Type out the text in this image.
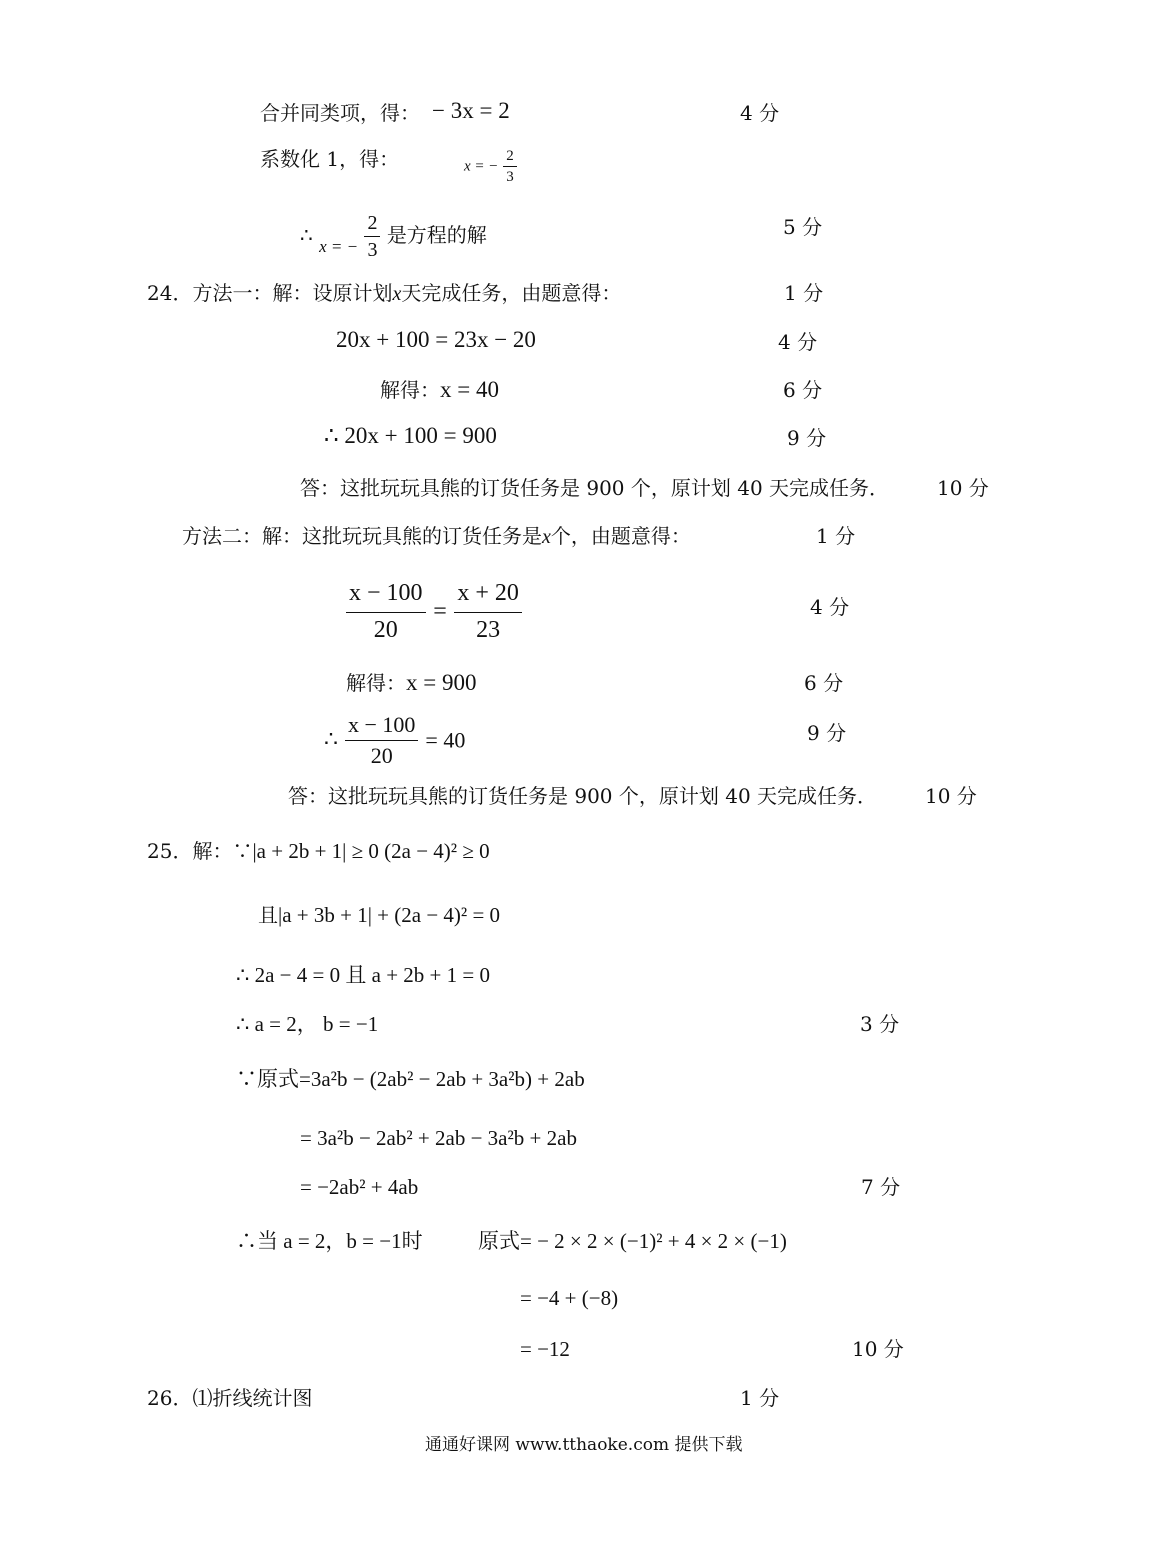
合并同类项，得： − 3x = 2	4 分
系数化 1，得：	x = − $\frac{2}{3}$
∴ $_{x = -} \frac{2}{3}$ 是方程的解	5 分
24．方法一：解：设原计划x天完成任务，由题意得：	1 分
20x + 100 = 23x − 20	4 分
解得：x = 40	6 分
∴ 20x + 100 = 900	9 分
答：这批玩玩具熊的订货任务是 900 个，原计划 40 天完成任务． 10 分
方法二：解：这批玩玩具熊的订货任务是x个，由题意得：	1 分
$\frac{x - 100}{20} = \frac{x + 20}{23}$	4 分
解得：x = 900	6 分
∴ $\frac{x - 100}{20} = 40$	9 分
答：这批玩玩具熊的订货任务是 900 个，原计划 40 天完成任务． 10 分
25．解：∵|a + 2b + 1| ≥ 0 (2a − 4)² ≥ 0
且|a + 3b + 1| + (2a − 4)² = 0
∴ 2a − 4 = 0 且 a + 2b + 1 = 0
∴ a = 2， b = −1	3 分
∵原式=3a²b − (2ab² − 2ab + 3a²b) + 2ab
= 3a²b − 2ab² + 2ab − 3a²b + 2ab
= −2ab² + 4ab	7 分
∴当 a = 2，b = −1时	原式= − 2 × 2 × (−1)² + 4 × 2 × (−1)
= −4 + (−8)
= −12	10 分
26．⑴折线统计图	1 分
通通好课网 www.tthaoke.com 提供下载
